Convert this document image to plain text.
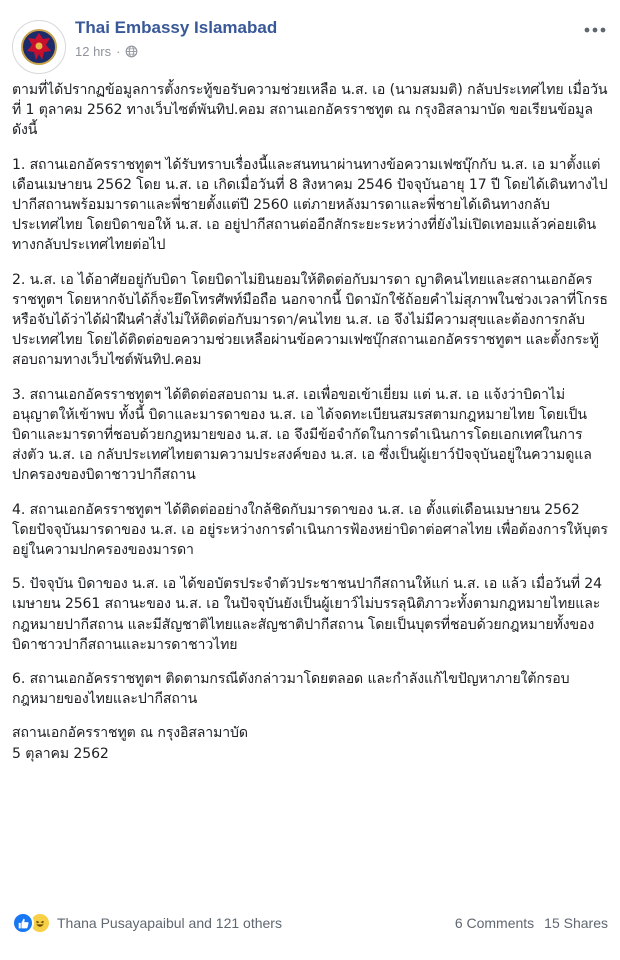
Thai Embassy Islamabad
12 hrs ·
ตามที่ได้ปรากฏข้อมูลการตั้งกระทู้ขอรับความช่วยเหลือ น.ส. เอ (นามสมมติ) กลับประเทศไทย เมื่อวันที่ 1 ตุลาคม 2562 ทางเว็บไซต์พันทิป.คอม สถานเอกอัครราชทูต ณ กรุงอิสลามาบัด ขอเรียนข้อมูล ดังนี้
1. สถานเอกอัครราชทูตฯ ได้รับทราบเรื่องนี้และสนทนาผ่านทางข้อความเฟซบุ๊กกับ น.ส. เอ มาตั้งแต่เดือนเมษายน 2562 โดย น.ส. เอ เกิดเมื่อวันที่ 8 สิงหาคม 2546 ปัจจุบันอายุ 17 ปี โดยได้เดินทางไปปากีสถานพร้อมมารดาและพี่ชายตั้งแต่ปี 2560 แต่ภายหลังมารดาและพี่ชายได้เดินทางกลับประเทศไทย โดยบิดาขอให้ น.ส. เอ อยู่ปากีสถานต่ออีกสักระยะระหว่างที่ยังไม่เปิดเทอมแล้วค่อยเดินทางกลับประเทศไทยต่อไป
2. น.ส. เอ ได้อาศัยอยู่กับบิดา โดยบิดาไม่ยินยอมให้ติดต่อกับมารดา ญาติคนไทยและสถานเอกอัครราชทูตฯ โดยหากจับได้ก็จะยึดโทรศัพท์มือถือ นอกจากนี้ บิดามักใช้ถ้อยคำไม่สุภาพในช่วงเวลาที่โกรธหรือจับได้ว่าได้ฝ่าฝืนคำสั่งไม่ให้ติดต่อกับมารดา/คนไทย น.ส. เอ จึงไม่มีความสุขและต้องการกลับประเทศไทย โดยได้ติดต่อขอความช่วยเหลือผ่านข้อความเฟซบุ๊กสถานเอกอัครราชทูตฯ และตั้งกระทู้สอบถามทางเว็บไซต์พันทิป.คอม
3. สถานเอกอัครราชทูตฯ ได้ติดต่อสอบถาม น.ส. เอเพื่อขอเข้าเยี่ยม แต่ น.ส. เอ แจ้งว่าบิดาไม่อนุญาตให้เข้าพบ ทั้งนี้ บิดาและมารดาของ น.ส. เอ ได้จดทะเบียนสมรสตามกฎหมายไทย โดยเป็นบิดาและมารดาที่ชอบด้วยกฎหมายของ น.ส. เอ จึงมีข้อจำกัดในการดำเนินการโดยเอกเทศในการส่งตัว น.ส. เอ กลับประเทศไทยตามความประสงค์ของ น.ส. เอ ซึ่งเป็นผู้เยาว์ปัจจุบันอยู่ในความดูแลปกครองของบิดาชาวปากีสถาน
4. สถานเอกอัครราชทูตฯ ได้ติดต่ออย่างใกล้ชิดกับมารดาของ น.ส. เอ ตั้งแต่เดือนเมษายน 2562 โดยปัจจุบันมารดาของ น.ส. เอ อยู่ระหว่างการดำเนินการฟ้องหย่าบิดาต่อศาลไทย เพื่อต้องการให้บุตรอยู่ในความปกครองของมารดา
5. ปัจจุบัน บิดาของ น.ส. เอ ได้ขอบัตรประจำตัวประชาชนปากีสถานให้แก่ น.ส. เอ แล้ว เมื่อวันที่ 24 เมษายน 2561 สถานะของ น.ส. เอ ในปัจจุบันยังเป็นผู้เยาว์ไม่บรรลุนิติภาวะทั้งตามกฎหมายไทยและกฎหมายปากีสถาน และมีสัญชาติไทยและสัญชาติปากีสถาน โดยเป็นบุตรที่ชอบด้วยกฎหมายทั้งของบิดาชาวปากีสถานและมารดาชาวไทย
6. สถานเอกอัครราชทูตฯ ติดตามกรณีดังกล่าวมาโดยตลอด และกำลังแก้ไขปัญหาภายใต้กรอบกฎหมายของไทยและปากีสถาน
สถานเอกอัครราชทูต ณ กรุงอิสลามาบัด
5 ตุลาคม 2562
Thana Pusayapaibul and 121 others	6 Comments 15 Shares
